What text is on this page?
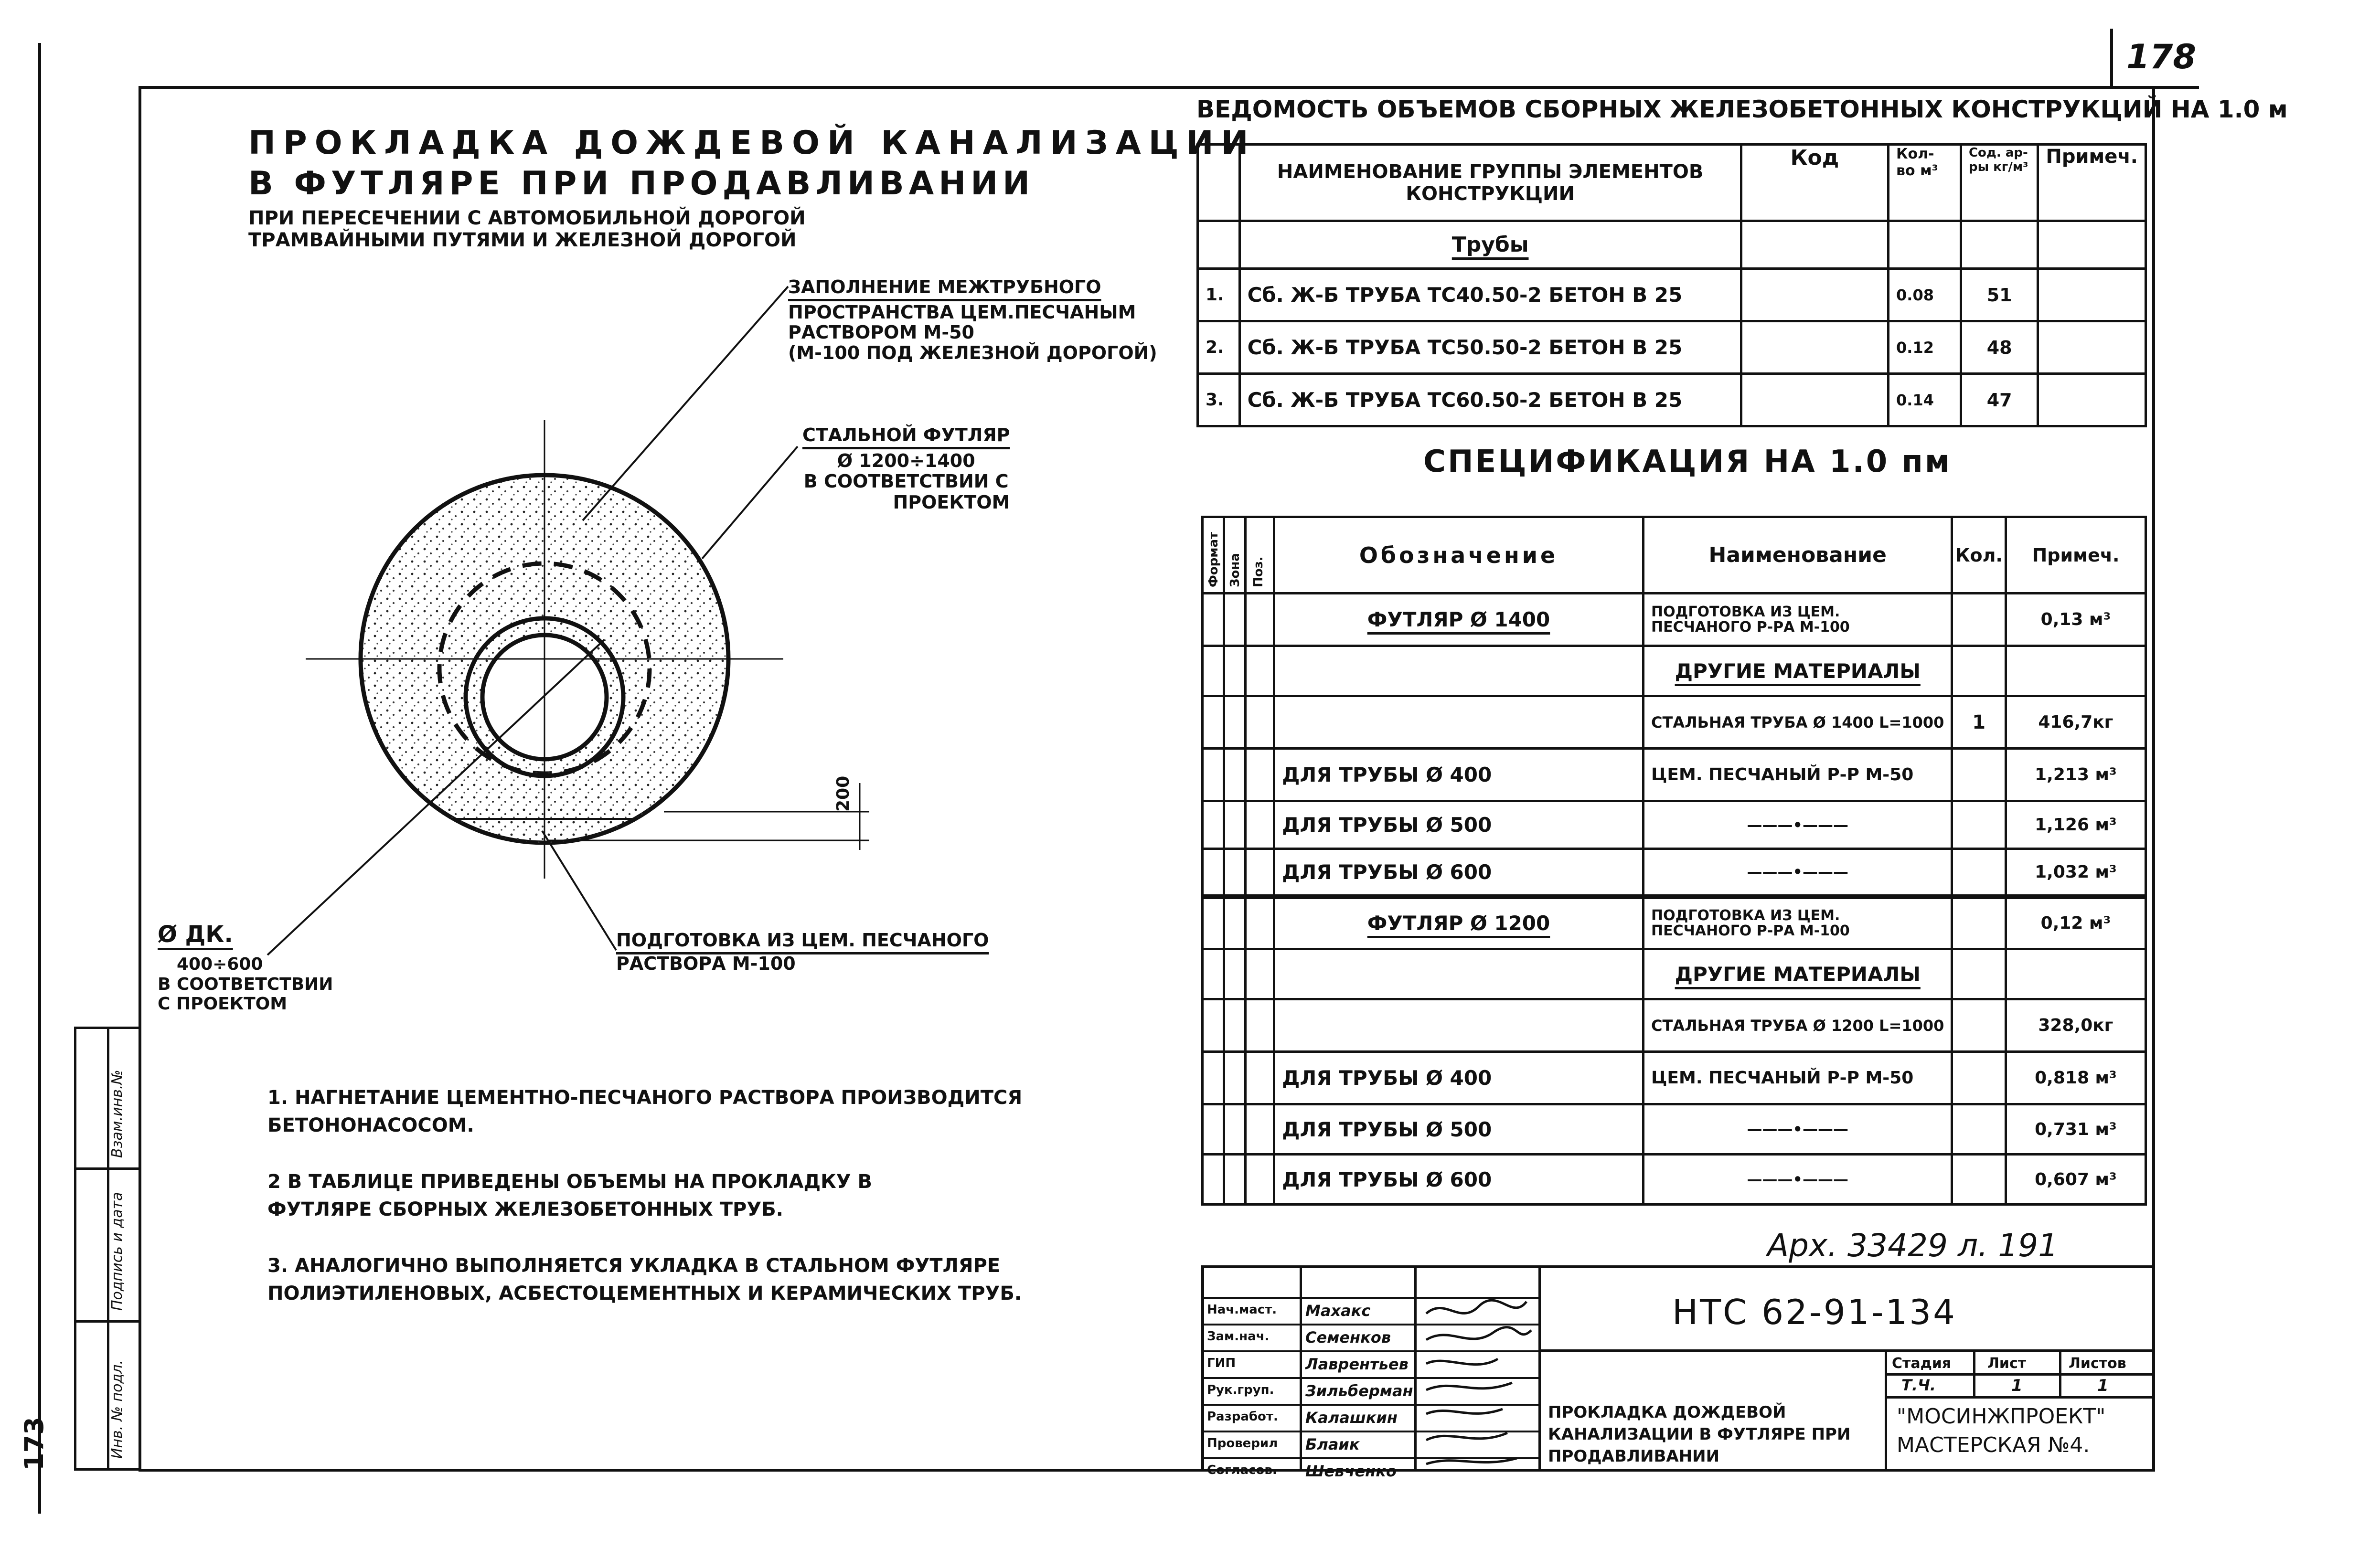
178
173
Взам.инв.№
Подпись и дата
Инв. № подл.
ПРОКЛАДКА ДОЖДЕВОЙ КАНАЛИЗАЦИИ
В ФУТЛЯРЕ ПРИ ПРОДАВЛИВАНИИ
ПРИ ПЕРЕСЕЧЕНИИ С АВТОМОБИЛЬНОЙ ДОРОГОЙ
ТРАМВАЙНЫМИ ПУТЯМИ И ЖЕЛЕЗНОЙ ДОРОГОЙ
ЗАПОЛНЕНИЕ МЕЖТРУБНОГО
ПРОСТРАНСТВА ЦЕМ.ПЕСЧАНЫМ
РАСТВОРОМ М-50
(М-100 ПОД ЖЕЛЕЗНОЙ ДОРОГОЙ)
СТАЛЬНОЙ ФУТЛЯР
Ø 1200÷1400
В СООТВЕТСТВИИ С
ПРОЕКТОМ
ПОДГОТОВКА ИЗ ЦЕМ. ПЕСЧАНОГО
РАСТВОРА М-100
Ø ДК.
400÷600
В СООТВЕТСТВИИ
С ПРОЕКТОМ
200
1. НАГНЕТАНИЕ ЦЕМЕНТНО-ПЕСЧАНОГО РАСТВОРА ПРОИЗВОДИТСЯ
БЕТОНОНАСОСОМ.
2 В ТАБЛИЦЕ ПРИВЕДЕНЫ ОБЪЕМЫ НА ПРОКЛАДКУ В
ФУТЛЯРЕ СБОРНЫХ ЖЕЛЕЗОБЕТОННЫХ ТРУБ.
3. АНАЛОГИЧНО ВЫПОЛНЯЕТСЯ УКЛАДКА В СТАЛЬНОМ ФУТЛЯРЕ
ПОЛИЭТИЛЕНОВЫХ, АСБЕСТОЦЕМЕНТНЫХ И КЕРАМИЧЕСКИХ ТРУБ.
ВЕДОМОСТЬ ОБЪЕМОВ СБОРНЫХ ЖЕЛЕЗОБЕТОННЫХ КОНСТРУКЦИЙ НА 1.0 м
	НАИМЕНОВАНИЕ ГРУППЫ ЭЛЕМЕНТОВ КОНСТРУКЦИИ	Код	Кол-во м³	Сод. ар-ры кг/м³	Примеч.
	Трубы				
1.	Сб. Ж-Б ТРУБА ТС40.50-2 БЕТОН В 25		0.08	51	
2.	Сб. Ж-Б ТРУБА ТС50.50-2 БЕТОН В 25		0.12	48	
3.	Сб. Ж-Б ТРУБА ТС60.50-2 БЕТОН В 25		0.14	47	
СПЕЦИФИКАЦИЯ НА 1.0 пм
Формат	Зона	Поз.	Обозначение	Наименование	Кол.	Примеч.
			ФУТЛЯР Ø 1400	ПОДГОТОВКА ИЗ ЦЕМ. ПЕСЧАНОГО Р-РА М-100		0,13 м³
				ДРУГИЕ МАТЕРИАЛЫ		
				СТАЛЬНАЯ ТРУБА Ø 1400 L=1000	1	416,7кг
			ДЛЯ ТРУБЫ Ø 400	ЦЕМ. ПЕСЧАНЫЙ Р-Р М-50		1,213 м³
			ДЛЯ ТРУБЫ Ø 500	———•———		1,126 м³
			ДЛЯ ТРУБЫ Ø 600	———•———		1,032 м³
			ФУТЛЯР Ø 1200	ПОДГОТОВКА ИЗ ЦЕМ. ПЕСЧАНОГО Р-РА М-100		0,12 м³
				ДРУГИЕ МАТЕРИАЛЫ		
				СТАЛЬНАЯ ТРУБА Ø 1200 L=1000		328,0кг
			ДЛЯ ТРУБЫ Ø 400	ЦЕМ. ПЕСЧАНЫЙ Р-Р М-50		0,818 м³
			ДЛЯ ТРУБЫ Ø 500	———•———		0,731 м³
			ДЛЯ ТРУБЫ Ø 600	———•———		0,607 м³
Арх. 33429 л. 191
Нач.маст. Махакс
Зам.нач. Семенков
ГИП	Лаврентьев
Рук.груп. Зильберман
Разработ. Калашкин
Проверил Блаик
Согласов. Шевченко
НТС 62-91-134
Стадия	Лист	Листов
Т.Ч.	1	1
ПРОКЛАДКА ДОЖДЕВОЙ КАНАЛИЗАЦИИ В ФУТЛЯРЕ ПРИ ПРОДАВЛИВАНИИ
"МОСИНЖПРОЕКТ"
МАСТЕРСКАЯ №4.
